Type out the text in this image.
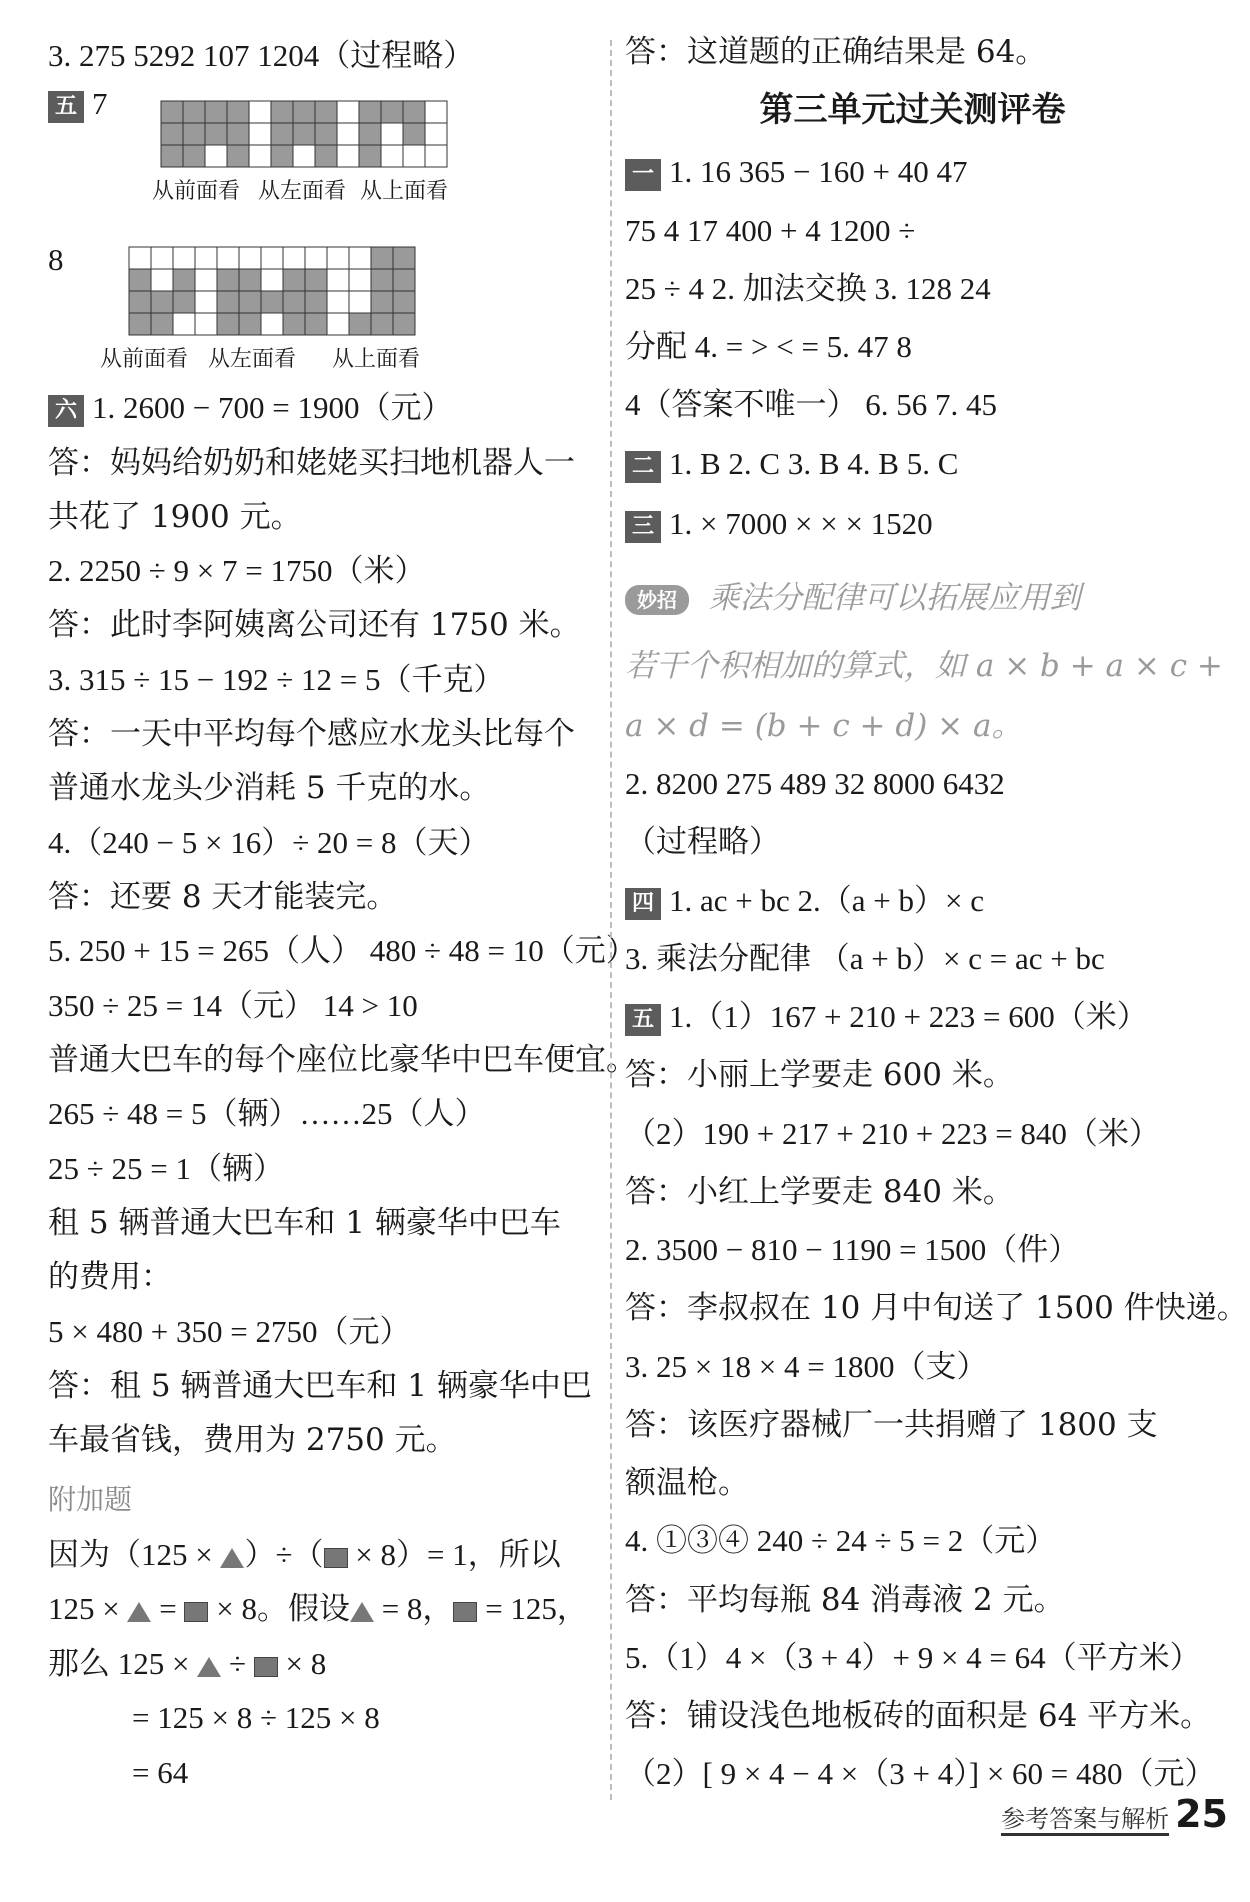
3. 275 5292 107 1204（过程略）
五 7
从前面看 从左面看 从上面看
8
从前面看 从左面看 从上面看
六 1. 2600 − 700 = 1900（元）
答：妈妈给奶奶和姥姥买扫地机器人一
共花了 1900 元。
2. 2250 ÷ 9 × 7 = 1750（米）
答：此时李阿姨离公司还有 1750 米。
3. 315 ÷ 15 − 192 ÷ 12 = 5（千克）
答：一天中平均每个感应水龙头比每个
普通水龙头少消耗 5 千克的水。
4.（240 − 5 × 16）÷ 20 = 8（天）
答：还要 8 天才能装完。
5. 250 + 15 = 265（人） 480 ÷ 48 = 10（元）
350 ÷ 25 = 14（元） 14 > 10
普通大巴车的每个座位比豪华中巴车便宜。
265 ÷ 48 = 5（辆）……25（人）
25 ÷ 25 = 1（辆）
租 5 辆普通大巴车和 1 辆豪华中巴车
的费用：
5 × 480 + 350 = 2750（元）
答：租 5 辆普通大巴车和 1 辆豪华中巴
车最省钱，费用为 2750 元。
附加题
因为（125 × ）÷（ × 8）= 1，所以
125 ×  =  × 8。假设 = 8， = 125，
那么 125 ×  ÷  × 8
= 125 × 8 ÷ 125 × 8
= 64
答：这道题的正确结果是 64。
第三单元过关测评卷
一 1. 16 365 − 160 + 40 47
75 4 17 400 + 4 1200 ÷
25 ÷ 4 2. 加法交换 3. 128 24
分配 4. = > < = 5. 47 8
4（答案不唯一） 6. 56 7. 45
二 1. B 2. C 3. B 4. B 5. C
三 1. × 7000 × × × 1520
妙招 乘法分配律可以拓展应用到
若干个积相加的算式，如 a × b + a × c +
a × d = (b + c + d) × a。
2. 8200 275 489 32 8000 6432
（过程略）
四 1. ac + bc 2.（a + b）× c
3. 乘法分配律 （a + b）× c = ac + bc
五 1.（1）167 + 210 + 223 = 600（米）
答：小丽上学要走 600 米。
（2）190 + 217 + 210 + 223 = 840（米）
答：小红上学要走 840 米。
2. 3500 − 810 − 1190 = 1500（件）
答：李叔叔在 10 月中旬送了 1500 件快递。
3. 25 × 18 × 4 = 1800（支）
答：该医疗器械厂一共捐赠了 1800 支
额温枪。
4. ①③④ 240 ÷ 24 ÷ 5 = 2（元）
答：平均每瓶 84 消毒液 2 元。
5.（1）4 ×（3 + 4）+ 9 × 4 = 64（平方米）
答：铺设浅色地板砖的面积是 64 平方米。
（2）[ 9 × 4 − 4 ×（3 + 4）] × 60 = 480（元）
参考答案与解析 25
